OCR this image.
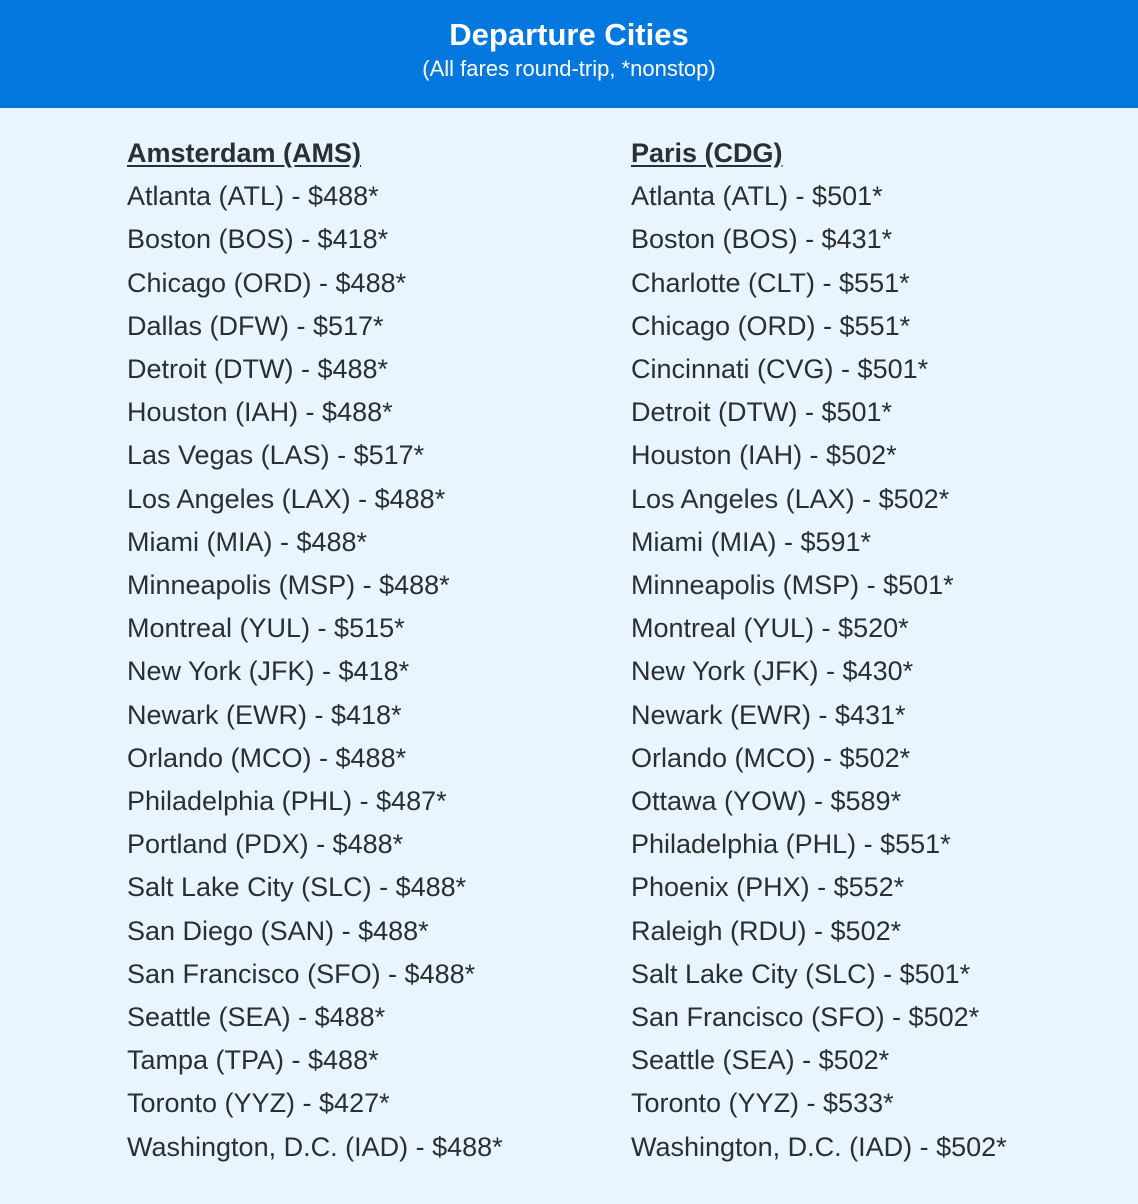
Departure Cities
(All fares round-trip, *nonstop)
Amsterdam (AMS)
Atlanta (ATL) - $488*
Boston (BOS) - $418*
Chicago (ORD) - $488*
Dallas (DFW) - $517*
Detroit (DTW) - $488*
Houston (IAH) - $488*
Las Vegas (LAS) - $517*
Los Angeles (LAX) - $488*
Miami (MIA) - $488*
Minneapolis (MSP) - $488*
Montreal (YUL) - $515*
New York (JFK) - $418*
Newark (EWR) - $418*
Orlando (MCO) - $488*
Philadelphia (PHL) - $487*
Portland (PDX) - $488*
Salt Lake City (SLC) - $488*
San Diego (SAN) - $488*
San Francisco (SFO) - $488*
Seattle (SEA) - $488*
Tampa (TPA) - $488*
Toronto (YYZ) - $427*
Washington, D.C. (IAD) - $488*
Paris (CDG)
Atlanta (ATL) - $501*
Boston (BOS) - $431*
Charlotte (CLT) - $551*
Chicago (ORD) - $551*
Cincinnati (CVG) - $501*
Detroit (DTW) - $501*
Houston (IAH) - $502*
Los Angeles (LAX) - $502*
Miami (MIA) - $591*
Minneapolis (MSP) - $501*
Montreal (YUL) - $520*
New York (JFK) - $430*
Newark (EWR) - $431*
Orlando (MCO) - $502*
Ottawa (YOW) - $589*
Philadelphia (PHL) - $551*
Phoenix (PHX) - $552*
Raleigh (RDU) - $502*
Salt Lake City (SLC) - $501*
San Francisco (SFO) - $502*
Seattle (SEA) - $502*
Toronto (YYZ) - $533*
Washington, D.C. (IAD) - $502*
